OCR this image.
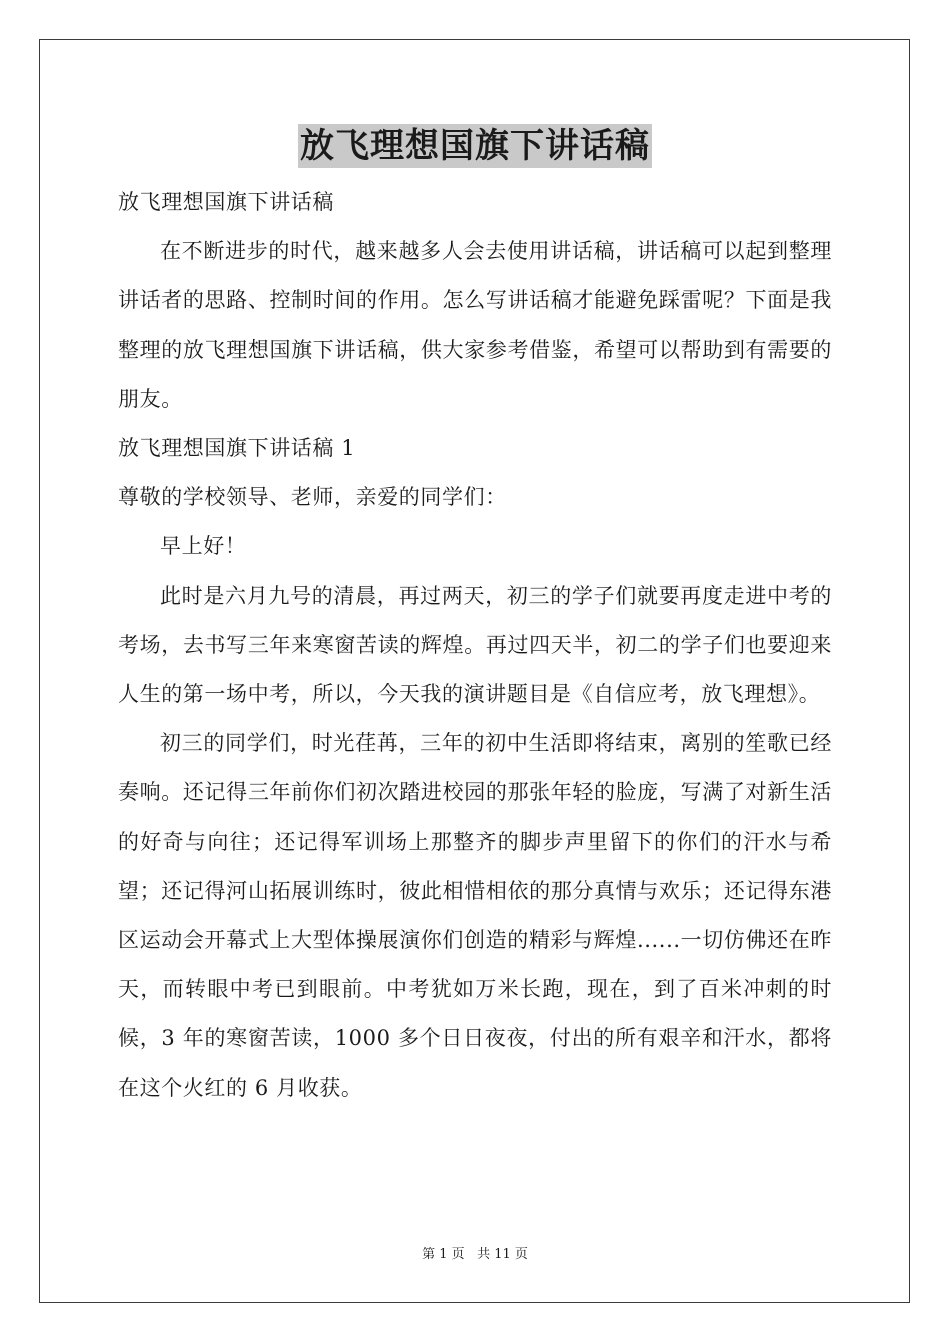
放飞理想国旗下讲话稿

放飞理想国旗下讲话稿

在不断进步的时代，越来越多人会去使用讲话稿，讲话稿可以起到整理讲话者的思路、控制时间的作用。怎么写讲话稿才能避免踩雷呢？下面是我整理的放飞理想国旗下讲话稿，供大家参考借鉴，希望可以帮助到有需要的朋友。

放飞理想国旗下讲话稿 1

尊敬的学校领导、老师，亲爱的同学们：

早上好！

此时是六月九号的清晨，再过两天，初三的学子们就要再度走进中考的考场，去书写三年来寒窗苦读的辉煌。再过四天半，初二的学子们也要迎来人生的第一场中考，所以，今天我的演讲题目是《自信应考，放飞理想》。

初三的同学们，时光荏苒，三年的初中生活即将结束，离别的笙歌已经奏响。还记得三年前你们初次踏进校园的那张年轻的脸庞，写满了对新生活的好奇与向往；还记得军训场上那整齐的脚步声里留下的你们的汗水与希望；还记得河山拓展训练时，彼此相惜相依的那分真情与欢乐；还记得东港区运动会开幕式上大型体操展演你们创造的精彩与辉煌......一切仿佛还在昨天，而转眼中考已到眼前。中考犹如万米长跑，现在，到了百米冲刺的时候，3 年的寒窗苦读，1000 多个日日夜夜，付出的所有艰辛和汗水，都将在这个火红的 6 月收获。

第 1 页 共 11 页
